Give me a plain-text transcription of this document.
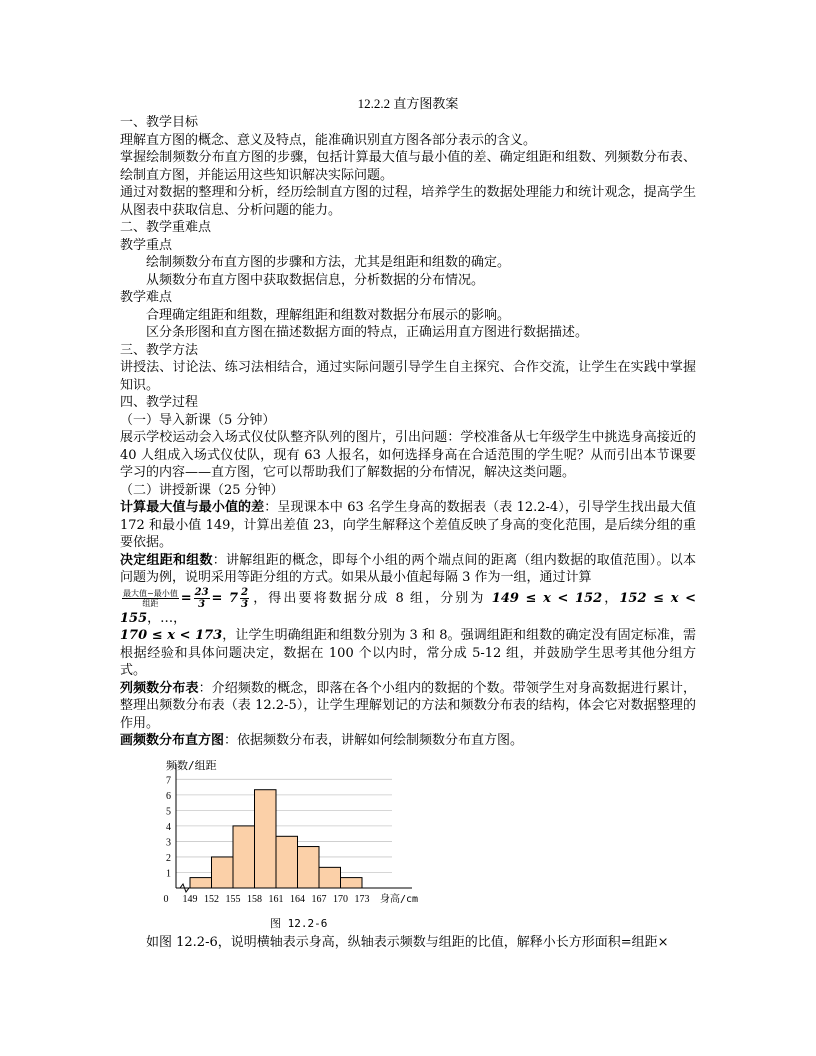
12.2.2 直方图教案

一、教学目标

理解直方图的概念、意义及特点，能准确识别直方图各部分表示的含义。

掌握绘制频数分布直方图的步骤，包括计算最大值与最小值的差、确定组距和组数、列频数分布表、绘制直方图，并能运用这些知识解决实际问题。

通过对数据的整理和分析，经历绘制直方图的过程，培养学生的数据处理能力和统计观念，提高学生从图表中获取信息、分析问题的能力。

二、教学重难点

教学重点

绘制频数分布直方图的步骤和方法，尤其是组距和组数的确定。

从频数分布直方图中获取数据信息，分析数据的分布情况。

教学难点

合理确定组距和组数，理解组距和组数对数据分布展示的影响。

区分条形图和直方图在描述数据方面的特点，正确运用直方图进行数据描述。

三、教学方法

讲授法、讨论法、练习法相结合，通过实际问题引导学生自主探究、合作交流，让学生在实践中掌握知识。

四、教学过程

（一）导入新课（5 分钟）

展示学校运动会入场式仪仗队整齐队列的图片，引出问题：学校准备从七年级学生中挑选身高接近的 40 人组成入场式仪仗队，现有 63 人报名，如何选择身高在合适范围的学生呢？从而引出本节课要学习的内容——直方图，它可以帮助我们了解数据的分布情况，解决这类问题。

（二）讲授新课（25 分钟）

计算最大值与最小值的差：呈现课本中 63 名学生身高的数据表（表 12.2-4），引导学生找出最大值 172 和最小值 149，计算出差值 23，向学生解释这个差值反映了身高的变化范围，是后续分组的重要依据。

决定组距和组数：讲解组距的概念，即每个小组的两个端点间的距离（组内数据的取值范围）。以本问题为例，说明采用等距分组的方式。如果从最小值起每隔 3 作为一组，通过计算

$\frac{\text{最大值−最小值}}{\text{组距}} = \frac{23}{3} = 7 \frac{2}{3}$ ，得出要将数据分成 8 组，分别为 149 ≤ x < 152，152 ≤ x < 155，…，
170 ≤ x < 173，让学生明确组距和组数分别为 3 和 8。强调组距和组数的确定没有固定标准，需根据经验和具体问题决定，数据在 100 个以内时，常分成 5-12 组，并鼓励学生思考其他分组方式。

列频数分布表：介绍频数的概念，即落在各个小组内的数据的个数。带领学生对身高数据进行累计，整理出频数分布表（表 12.2-5），让学生理解划记的方法和频数分布表的结构，体会它对数据整理的作用。

画频数分布直方图：依据频数分布表，讲解如何绘制频数分布直方图。

1
2
3
4
5
6
7
149 152 155 158 161 164 167 170 173
0
频数/组距
身高/cm
图 12.2-6

如图 12.2-6，说明横轴表示身高，纵轴表示频数与组距的比值，解释小长方形面积=组距×
